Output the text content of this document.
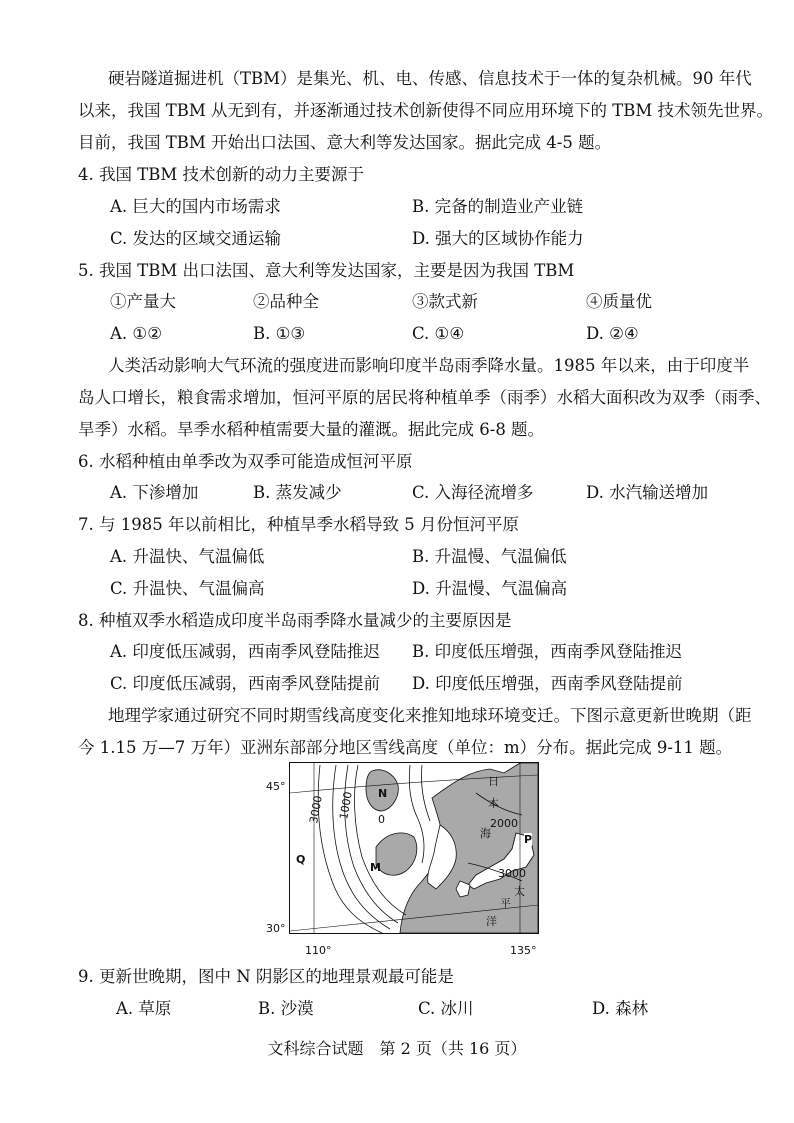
硬岩隧道掘进机（TBM）是集光、机、电、传感、信息技术于一体的复杂机械。90 年代
以来，我国 TBM 从无到有，并逐渐通过技术创新使得不同应用环境下的 TBM 技术领先世界。
目前，我国 TBM 开始出口法国、意大利等发达国家。据此完成 4-5 题。
4. 我国 TBM 技术创新的动力主要源于
A. 巨大的国内市场需求	B. 完备的制造业产业链
C. 发达的区域交通运输	D. 强大的区域协作能力
5. 我国 TBM 出口法国、意大利等发达国家，主要是因为我国 TBM
①产量大	②品种全	③款式新	④质量优
A. ①②	B. ①③	C. ①④	D. ②④
人类活动影响大气环流的强度进而影响印度半岛雨季降水量。1985 年以来，由于印度半
岛人口增长，粮食需求增加，恒河平原的居民将种植单季（雨季）水稻大面积改为双季（雨季、
旱季）水稻。旱季水稻种植需要大量的灌溉。据此完成 6-8 题。
6. 水稻种植由单季改为双季可能造成恒河平原
A. 下渗增加	B. 蒸发减少	C. 入海径流增多	D. 水汽输送增加
7. 与 1985 年以前相比，种植旱季水稻导致 5 月份恒河平原
A. 升温快、气温偏低	B. 升温慢、气温偏低
C. 升温快、气温偏高	D. 升温慢、气温偏高
8. 种植双季水稻造成印度半岛雨季降水量减少的主要原因是
A. 印度低压减弱，西南季风登陆推迟 B. 印度低压增强，西南季风登陆推迟
C. 印度低压减弱，西南季风登陆提前 D. 印度低压增强，西南季风登陆提前
地理学家通过研究不同时期雪线高度变化来推知地球环境变迁。下图示意更新世晚期（距
今 1.15 万—7 万年）亚洲东部部分地区雪线高度（单位：m）分布。据此完成 9-11 题。
45°
30°
110°	135°
N
M
Q
P
3000 1000 0	2000
3000
日
本
海
太
平
洋
9. 更新世晚期，图中 N 阴影区的地理景观最可能是
A. 草原	B. 沙漠	C. 冰川	D. 森林
文科综合试题　第 2 页（共 16 页）
